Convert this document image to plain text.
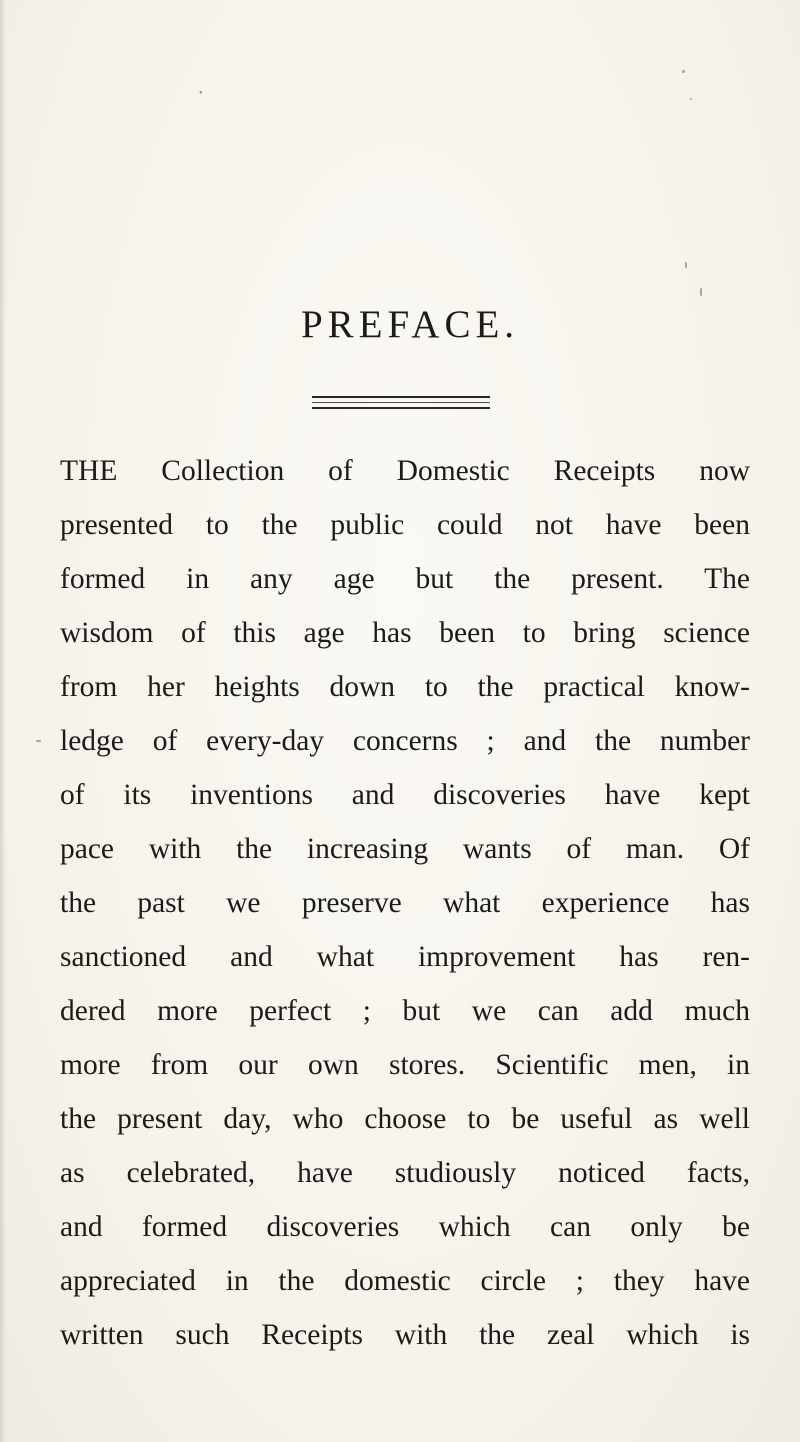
·
PREFACE.
THE Collection of Domestic Receipts now
presented to the public could not have been
formed in any age but the present. The
wisdom of this age has been to bring science
from her heights down to the practical know-
ledge of every-day concerns ; and the number
of its inventions and discoveries have kept
pace with the increasing wants of man. Of
the past we preserve what experience has
sanctioned and what improvement has ren-
dered more perfect ; but we can add much
more from our own stores. Scientific men, in
the present day, who choose to be useful as well
as celebrated, have studiously noticed facts,
and formed discoveries which can only be
appreciated in the domestic circle ; they have
written such Receipts with the zeal which is
